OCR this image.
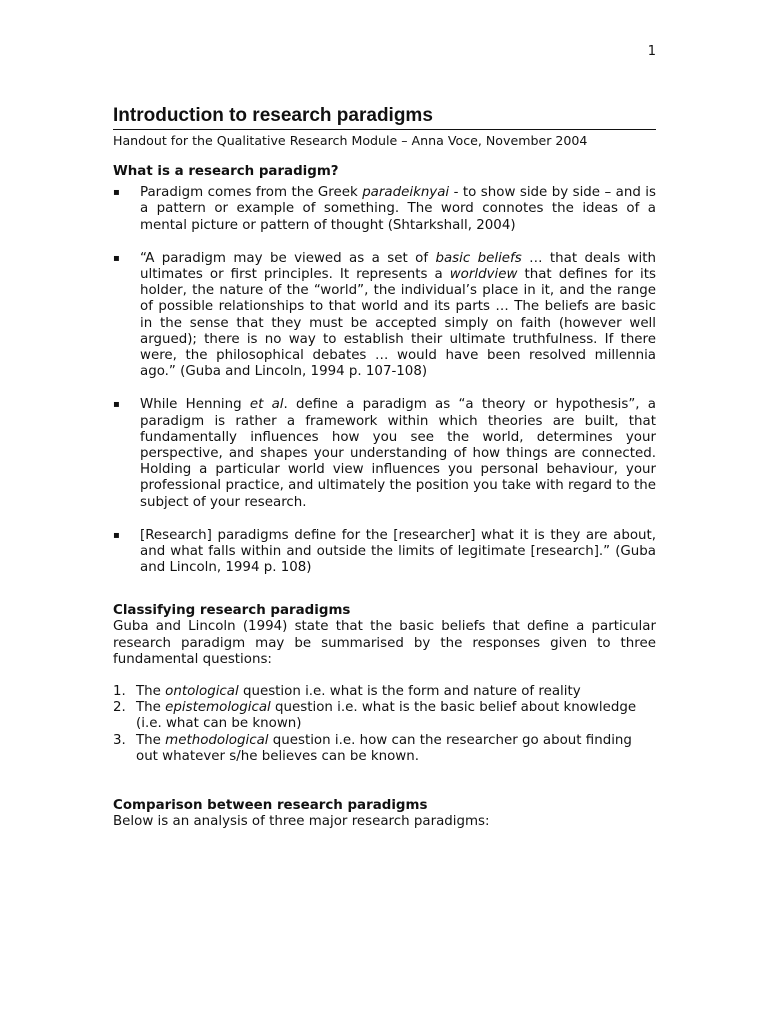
1
Introduction to research paradigms

Handout for the Qualitative Research Module – Anna Voce, November 2004

What is a research paradigm?
▪ Paradigm comes from the Greek paradeiknyai - to show side by side – and is a pattern or example of something. The word connotes the ideas of a mental picture or pattern of thought (Shtarkshall, 2004)
▪ “A paradigm may be viewed as a set of basic beliefs … that deals with ultimates or first principles. It represents a worldview that defines for its holder, the nature of the “world”, the individual’s place in it, and the range of possible relationships to that world and its parts … The beliefs are basic in the sense that they must be accepted simply on faith (however well argued); there is no way to establish their ultimate truthfulness. If there were, the philosophical debates … would have been resolved millennia ago.” (Guba and Lincoln, 1994 p. 107-108)
▪ While Henning et al. define a paradigm as “a theory or hypothesis”, a paradigm is rather a framework within which theories are built, that fundamentally influences how you see the world, determines your perspective, and shapes your understanding of how things are connected. Holding a particular world view influences you personal behaviour, your professional practice, and ultimately the position you take with regard to the subject of your research.
▪ [Research] paradigms define for the [researcher] what it is they are about, and what falls within and outside the limits of legitimate [research].” (Guba and Lincoln, 1994 p. 108)
Classifying research paradigms

Guba and Lincoln (1994) state that the basic beliefs that define a particular research paradigm may be summarised by the responses given to three fundamental questions:

1. The ontological question i.e. what is the form and nature of reality
2. The epistemological question i.e. what is the basic belief about knowledge (i.e. what can be known)
3. The methodological question i.e. how can the researcher go about finding out whatever s/he believes can be known.
Comparison between research paradigms

Below is an analysis of three major research paradigms:
